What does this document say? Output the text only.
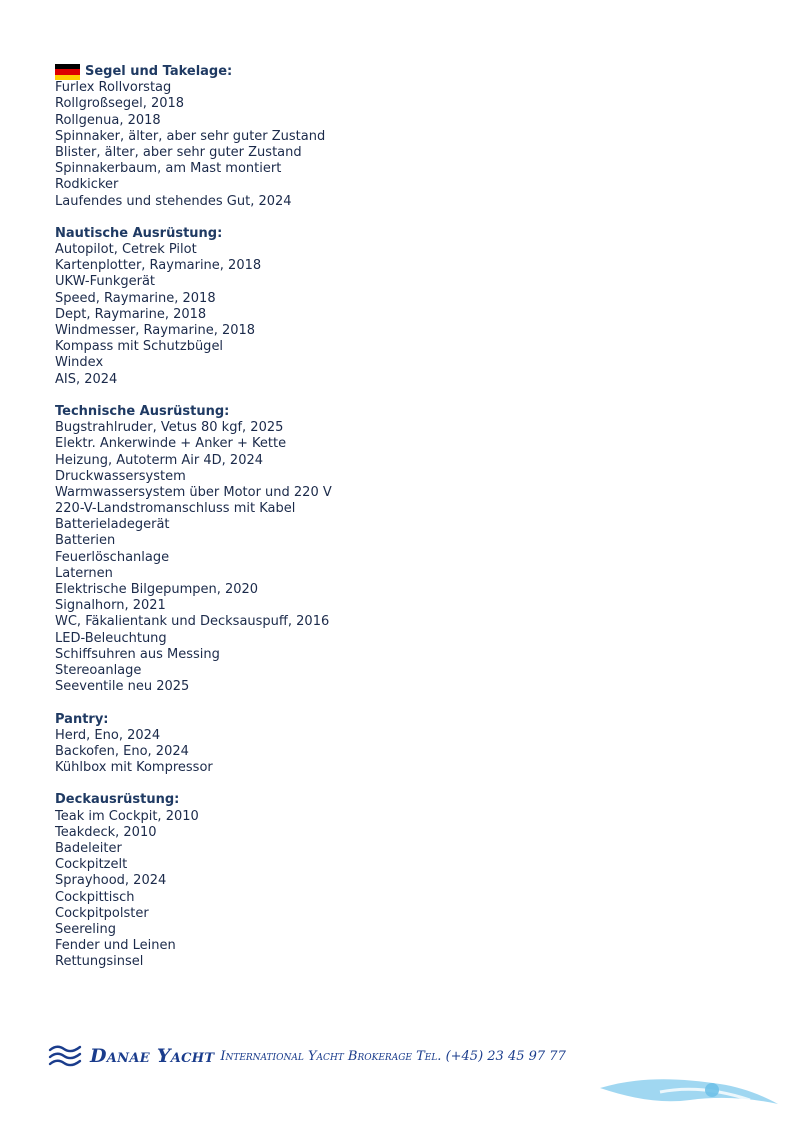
Segel und Takelage:
Furlex Rollvorstag
Rollgroßsegel, 2018
Rollgenua, 2018
Spinnaker, älter, aber sehr guter Zustand
Blister, älter, aber sehr guter Zustand
Spinnakerbaum, am Mast montiert
Rodkicker
Laufendes und stehendes Gut, 2024
Nautische Ausrüstung:
Autopilot, Cetrek Pilot
Kartenplotter, Raymarine, 2018
UKW-Funkgerät
Speed, Raymarine, 2018
Dept, Raymarine, 2018
Windmesser, Raymarine, 2018
Kompass mit Schutzbügel
Windex
AIS, 2024
Technische Ausrüstung:
Bugstrahlruder, Vetus 80 kgf, 2025
Elektr. Ankerwinde + Anker + Kette
Heizung, Autoterm Air 4D, 2024
Druckwassersystem
Warmwassersystem über Motor und 220 V
220-V-Landstromanschluss mit Kabel
Batterieladegerät
Batterien
Feuerlöschanlage
Laternen
Elektrische Bilgepumpen, 2020
Signalhorn, 2021
WC, Fäkalientank und Decksauspuff, 2016
LED-Beleuchtung
Schiffsuhren aus Messing
Stereoanlage
Seeventile neu 2025
Pantry:
Herd, Eno, 2024
Backofen, Eno, 2024
Kühlbox mit Kompressor
Deckausrüstung:
Teak im Cockpit, 2010
Teakdeck, 2010
Badeleiter
Cockpitzelt
Sprayhood, 2024
Cockpittisch
Cockpitpolster
Seereling
Fender und Leinen
Rettungsinsel
Danae Yacht International Yacht Brokerage Tel. (+45) 23 45 97 77
